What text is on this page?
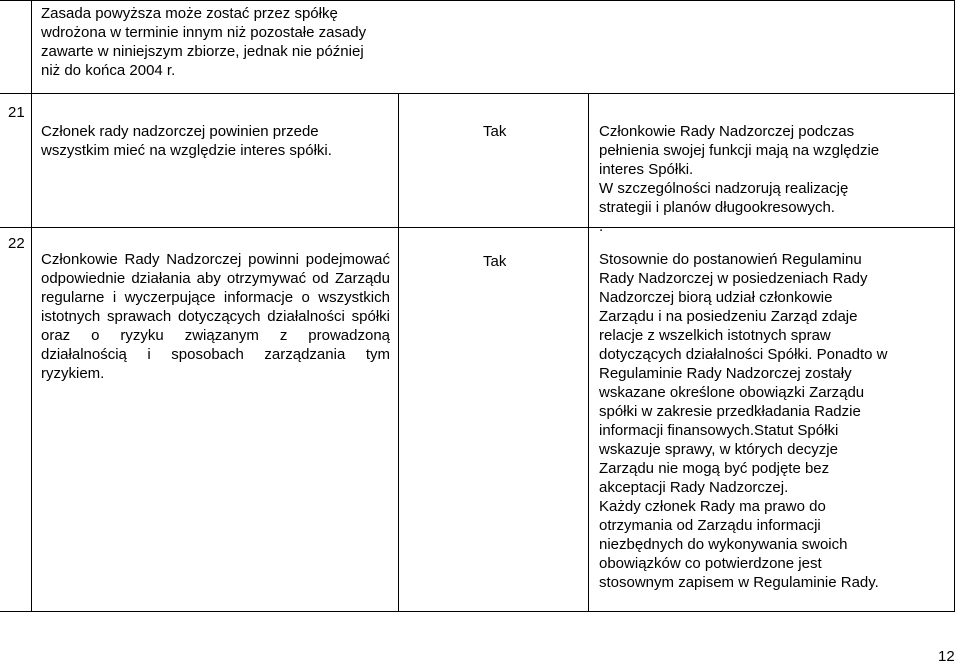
Zasada powyższa może zostać przez spółkę wdrożona w terminie innym niż pozostałe zasady zawarte w niniejszym zbiorze, jednak nie później niż do końca 2004 r.
21
Członek rady nadzorczej powinien przede wszystkim mieć na względzie interes spółki.
Tak	Członkowie Rady Nadzorczej podczas
pełnienia swojej funkcji mają na względzie
interes Spółki.
W szczególności nadzorują realizację
strategii i planów długookresowych.
.
22
Członkowie Rady Nadzorczej powinni podejmować odpowiednie działania aby otrzymywać od Zarządu regularne i wyczerpujące informacje o wszystkich istotnych sprawach dotyczących działalności spółki oraz o ryzyku związanym z prowadzoną działalnością i sposobach zarządzania tym ryzykiem.
Tak	Stosownie do postanowień Regulaminu
Rady Nadzorczej w posiedzeniach Rady
Nadzorczej biorą udział członkowie
Zarządu i na posiedzeniu Zarząd zdaje
relacje z wszelkich istotnych spraw
dotyczących działalności Spółki. Ponadto w
Regulaminie Rady Nadzorczej zostały
wskazane określone obowiązki Zarządu
spółki w zakresie przedkładania Radzie
informacji finansowych.Statut Spółki
wskazuje sprawy, w których decyzje
Zarządu nie mogą być podjęte bez
akceptacji Rady Nadzorczej.
Każdy członek Rady ma prawo do
otrzymania od Zarządu informacji
niezbędnych do wykonywania swoich
obowiązków co potwierdzone jest
stosownym zapisem w Regulaminie Rady.
12
